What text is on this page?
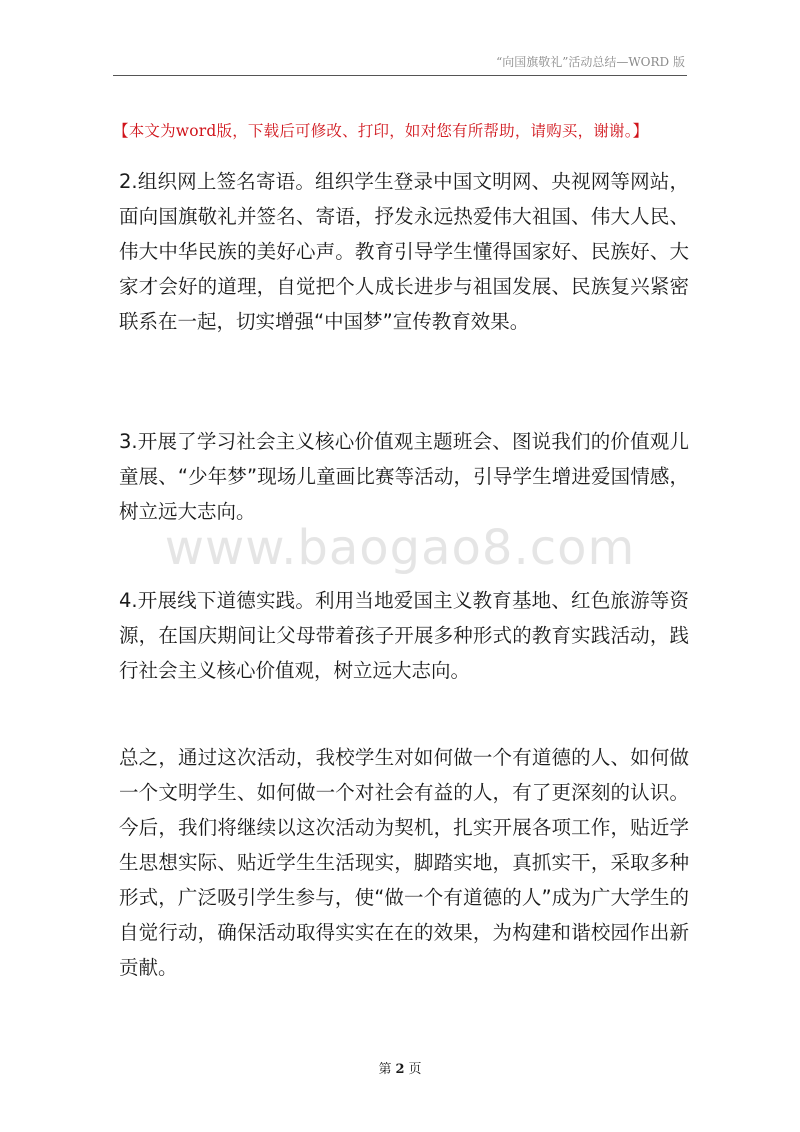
“向国旗敬礼”活动总结—WORD 版
【本文为word版，下载后可修改、打印，如对您有所帮助，请购买，谢谢。】

2.组织网上签名寄语。组织学生登录中国文明网、央视网等网站，面向国旗敬礼并签名、寄语，抒发永远热爱伟大祖国、伟大人民、伟大中华民族的美好心声。教育引导学生懂得国家好、民族好、大家才会好的道理，自觉把个人成长进步与祖国发展、民族复兴紧密联系在一起，切实增强“中国梦”宣传教育效果。

3.开展了学习社会主义核心价值观主题班会、图说我们的价值观儿童展、“少年梦”现场儿童画比赛等活动，引导学生增进爱国情感，树立远大志向。

4.开展线下道德实践。利用当地爱国主义教育基地、红色旅游等资源，在国庆期间让父母带着孩子开展多种形式的教育实践活动，践行社会主义核心价值观，树立远大志向。

总之，通过这次活动，我校学生对如何做一个有道德的人、如何做一个文明学生、如何做一个对社会有益的人，有了更深刻的认识。今后，我们将继续以这次活动为契机，扎实开展各项工作，贴近学生思想实际、贴近学生生活现实，脚踏实地，真抓实干，采取多种形式，广泛吸引学生参与，使“做一个有道德的人”成为广大学生的自觉行动，确保活动取得实实在在的效果，为构建和谐校园作出新贡献。

www.baogao8.com
第 2 页
